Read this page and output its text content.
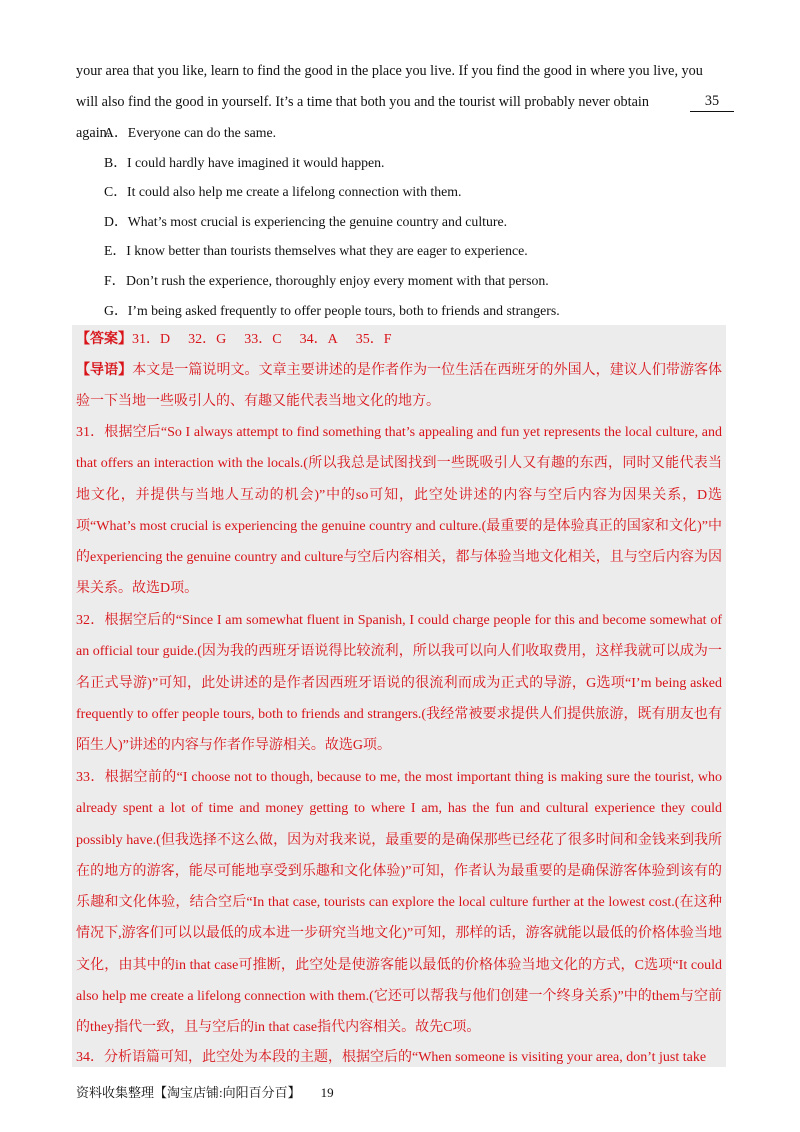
your area that you like, learn to find the good in the place you live. If you find the good in where you live, you

will also find the good in yourself. It’s a time that both you and the tourist will probably never obtain again.

35
A．Everyone can do the same.
B．I could hardly have imagined it would happen.
C．It could also help me create a lifelong connection with them.
D．What’s most crucial is experiencing the genuine country and culture.
E．I know better than tourists themselves what they are eager to experience.
F．Don’t rush the experience, thoroughly enjoy every moment with that person.
G．I’m being asked frequently to offer people tours, both to friends and strangers.

【答案】31．D 32．G 33．C 34．A 35．F

【导语】本文是一篇说明文。文章主要讲述的是作者作为一位生活在西班牙的外国人，建议人们带游客体验一下当地一些吸引人的、有趣又能代表当地文化的地方。

31．根据空后“So I always attempt to find something that’s appealing and fun yet represents the local culture, and that offers an interaction with the locals.(所以我总是试图找到一些既吸引人又有趣的东西，同时又能代表当地文化，并提供与当地人互动的机会)”中的so可知，此空处讲述的内容与空后内容为因果关系，D选项“What’s most crucial is experiencing the genuine country and culture.(最重要的是体验真正的国家和文化)”中的experiencing the genuine country and culture与空后内容相关，都与体验当地文化相关，且与空后内容为因果关系。故选D项。

32．根据空后的“Since I am somewhat fluent in Spanish, I could charge people for this and become somewhat of an official tour guide.(因为我的西班牙语说得比较流利，所以我可以向人们收取费用，这样我就可以成为一名正式导游)”可知，此处讲述的是作者因西班牙语说的很流利而成为正式的导游，G选项“I’m being asked frequently to offer people tours, both to friends and strangers.(我经常被要求提供人们提供旅游，既有朋友也有陌生人)”讲述的内容与作者作导游相关。故选G项。

33．根据空前的“I choose not to though, because to me, the most important thing is making sure the tourist, who already spent a lot of time and money getting to where I am, has the fun and cultural experience they could possibly have.(但我选择不这么做，因为对我来说，最重要的是确保那些已经花了很多时间和金钱来到我所在的地方的游客，能尽可能地享受到乐趣和文化体验)”可知，作者认为最重要的是确保游客体验到该有的乐趣和文化体验，结合空后“In that case, tourists can explore the local culture further at the lowest cost.(在这种情况下,游客们可以以最低的成本进一步研究当地文化)”可知，那样的话，游客就能以最低的价格体验当地文化，由其中的in that case可推断，此空处是使游客能以最低的价格体验当地文化的方式，C选项“It could also help me create a lifelong connection with them.(它还可以帮我与他们创建一个终身关系)”中的them与空前的they指代一致，且与空后的in that case指代内容相关。故先C项。

34．分析语篇可知，此空处为本段的主题，根据空后的“When someone is visiting your area, don’t just take

资料收集整理【淘宝店铺:向阳百分百】 19
